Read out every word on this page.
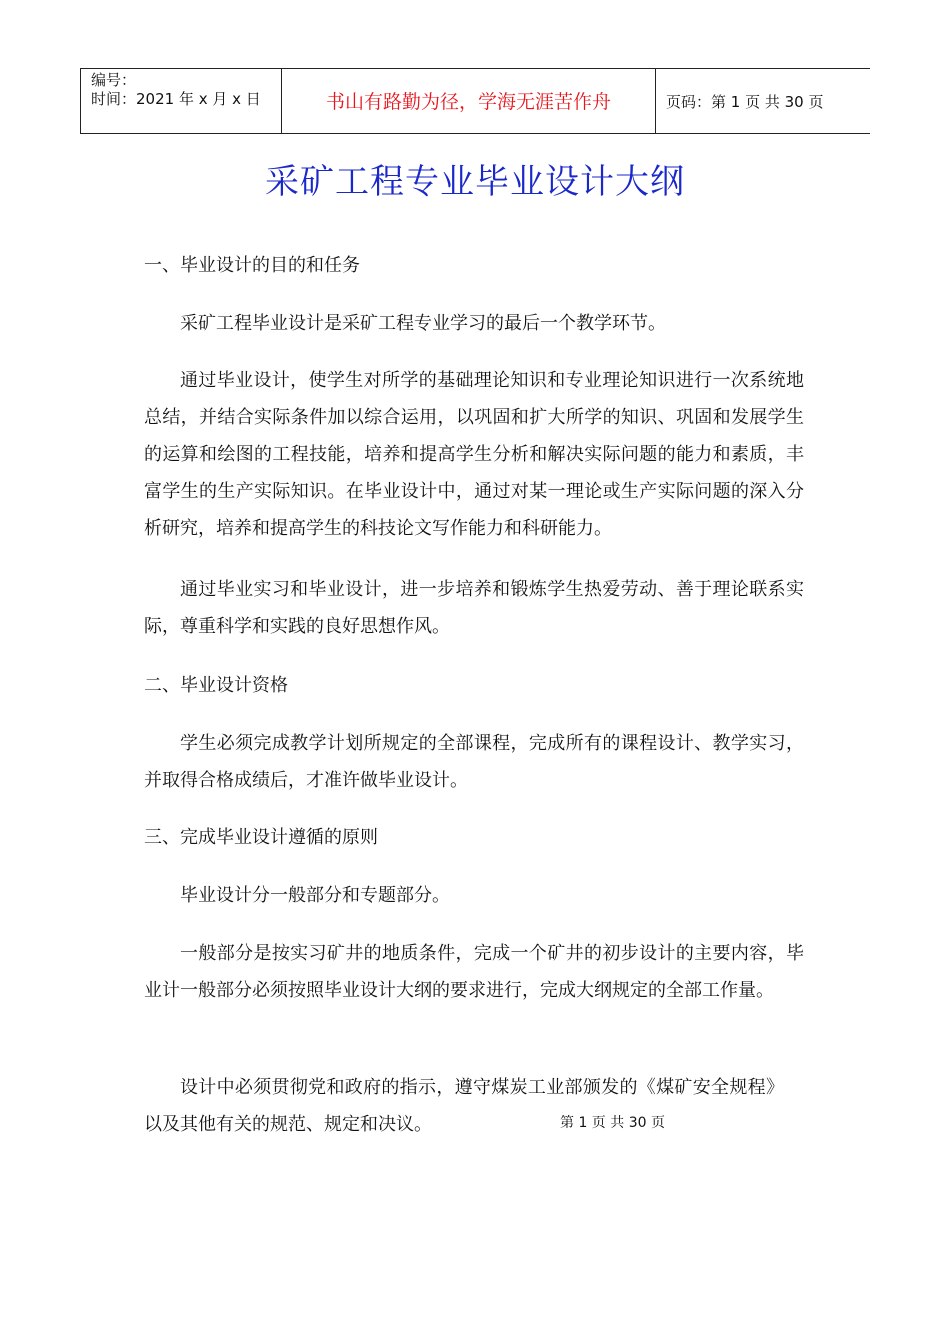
编号：
时间：2021 年 x 月 x 日	书山有路勤为径，学海无涯苦作舟	页码：第 1 页 共 30 页
采矿工程专业毕业设计大纲
一、毕业设计的目的和任务

采矿工程毕业设计是采矿工程专业学习的最后一个教学环节。

通过毕业设计，使学生对所学的基础理论知识和专业理论知识进行一次系统地总结，并结合实际条件加以综合运用，以巩固和扩大所学的知识、巩固和发展学生的运算和绘图的工程技能，培养和提高学生分析和解决实际问题的能力和素质，丰富学生的生产实际知识。在毕业设计中，通过对某一理论或生产实际问题的深入分析研究，培养和提高学生的科技论文写作能力和科研能力。

通过毕业实习和毕业设计，进一步培养和锻炼学生热爱劳动、善于理论联系实际，尊重科学和实践的良好思想作风。

二、毕业设计资格

学生必须完成教学计划所规定的全部课程，完成所有的课程设计、教学实习，并取得合格成绩后，才准许做毕业设计。

三、完成毕业设计遵循的原则

毕业设计分一般部分和专题部分。

一般部分是按实习矿井的地质条件，完成一个矿井的初步设计的主要内容，毕业计一般部分必须按照毕业设计大纲的要求进行，完成大纲规定的全部工作量。

设计中必须贯彻党和政府的指示，遵守煤炭工业部颁发的《煤矿安全规程》以及其他有关的规范、规定和决议。	第 1 页 共 30 页
